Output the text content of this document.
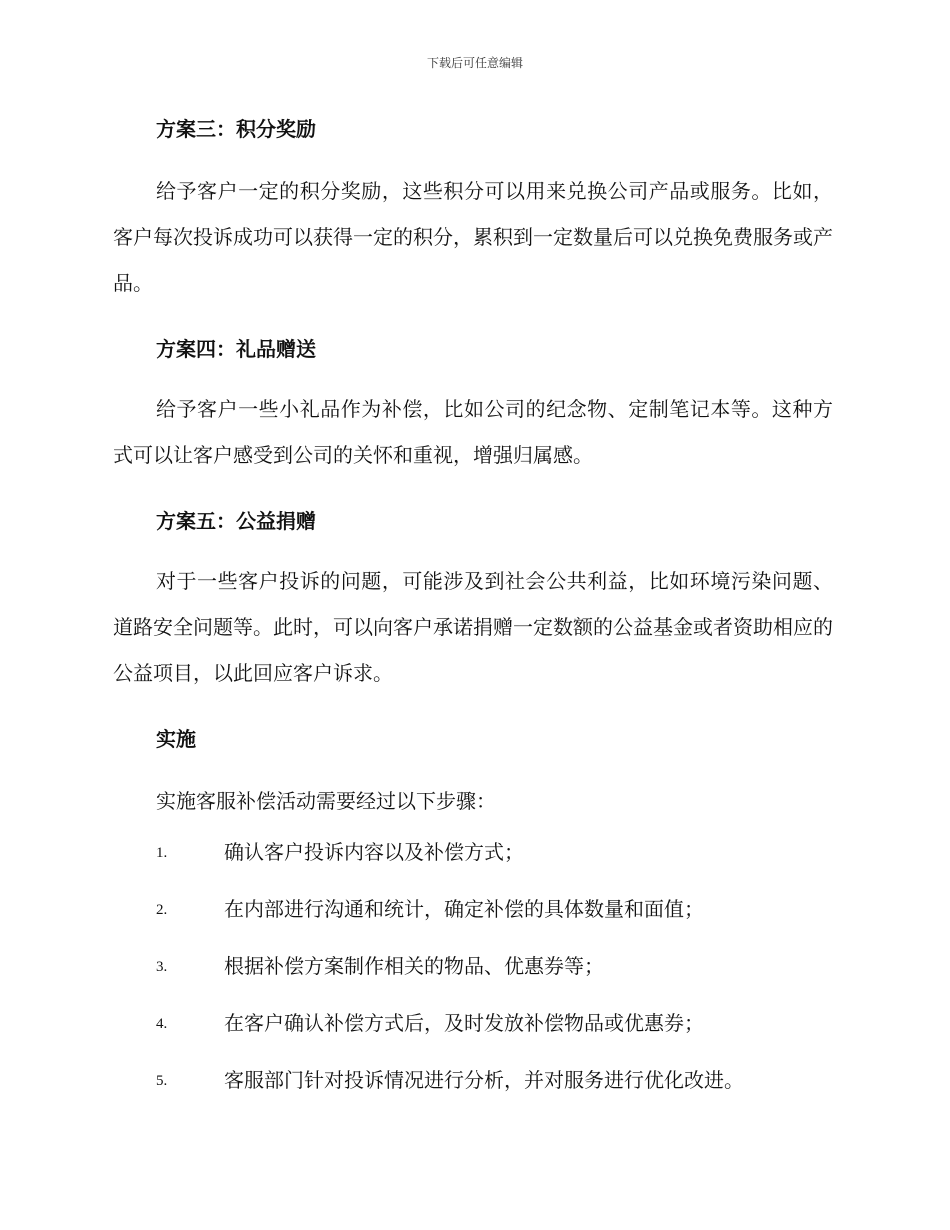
下载后可任意编辑
方案三：积分奖励

给予客户一定的积分奖励，这些积分可以用来兑换公司产品或服务。比如，客户每次投诉成功可以获得一定的积分，累积到一定数量后可以兑换免费服务或产品。

方案四：礼品赠送

给予客户一些小礼品作为补偿，比如公司的纪念物、定制笔记本等。这种方式可以让客户感受到公司的关怀和重视，增强归属感。

方案五：公益捐赠

对于一些客户投诉的问题，可能涉及到社会公共利益，比如环境污染问题、道路安全问题等。此时，可以向客户承诺捐赠一定数额的公益基金或者资助相应的公益项目，以此回应客户诉求。

实施

实施客服补偿活动需要经过以下步骤：

1.	确认客户投诉内容以及补偿方式；
2.	在内部进行沟通和统计，确定补偿的具体数量和面值；
3.	根据补偿方案制作相关的物品、优惠券等；
4.	在客户确认补偿方式后，及时发放补偿物品或优惠券；
5.	客服部门针对投诉情况进行分析，并对服务进行优化改进。
